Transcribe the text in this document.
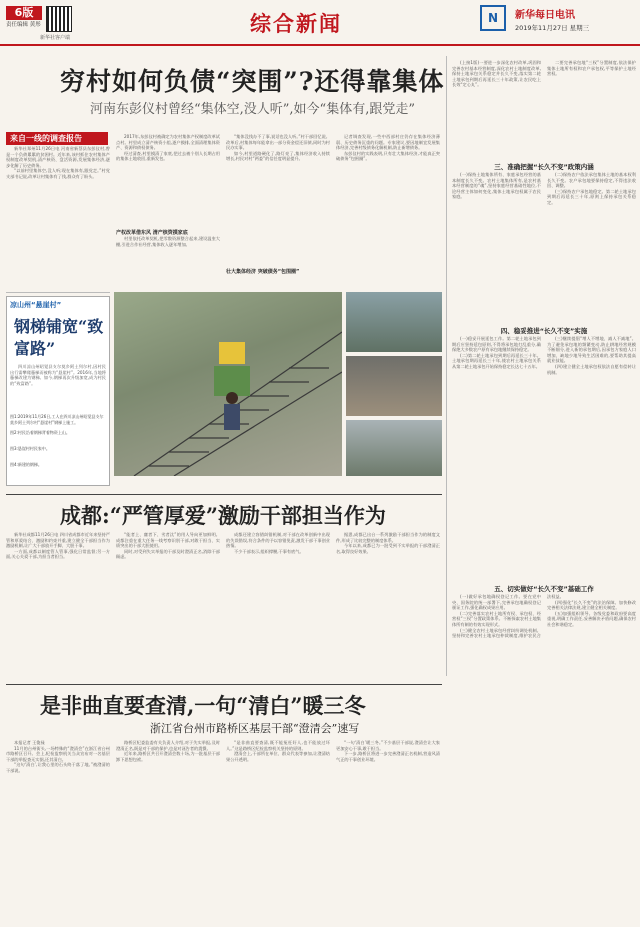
6版
责任编辑 黄彤
新华社客户端
综合新闻	N	新华每日电讯
2019年11月27日 星期三
穷村如何负债“突围”?还得靠集体
河南东彭仪村曾经“集体空,没人听”,如今“集体有,跟党走”
来自一线的调查报告

新华社郑州11月26日电 河南省新蔡县东彭仪村,曾是一个负债累累的贫困村。近年来,该村抓住农村集体产权制度改革契机,清产核资、盘活资源,发展集体经济,逐步化解了历史债务。

“以前村里集体空,没人听;现在集体有,跟党走。”村党支部书记说,改革让村集体有了钱,群众有了盼头。

2017年,东彭仪村被确定为农村集体产权制度改革试点村。村里成立清产核资小组,逐户摸排,全面清理集体资产、资源和债权债务。

经过清查,村里摸清了家底,把过去被个别人长期占用的集体土地收回,重新发包。

产权改革借东风 清产核资摸家底

村里依托改革契机,把零散资源整合起来,建设温室大棚,引进合作社经营,集体收入逐年增加。

“集体没钱办不了事,说话也没人听。”村干部回忆说。改革后,村集体每年能拿出一部分资金偿还旧债,同时为村民办实事。

如今,村里道路硬化了,路灯亮了,集体经济收入持续增长,村民对村“两委”的信任度明显提升。

壮大集体经济 突破债务“包围圈”

记者调查发现,一些中西部村庄仍存在集体经济薄弱、历史债务沉重的问题。专家建议,要因地制宜发展集体经济,完善村级债务化解机制,防止新增债务。

东彭仪村的实践表明,只有壮大集体经济,才能真正突破债务“包围圈”。

凉山州“悬崖村”
钢梯铺宽“致富路”

四川凉山州昭觉县支尔莫乡阿土列尔村,因村民出行需攀爬藤梯而被称为“悬崖村”。2016年,当地将藤梯改建为钢梯。如今,钢梯再次升级加宽,成为村民的“致富路”。

图1:2019年11月26日,工人在四川凉山州昭觉县支尔莫乡阿土列尔村“悬崖村”钢梯上施工。
图2:村民沿着钢梯背着物资上山。
图3:悬崖村村民家中。
图4:新建的钢梯。

(上接1版)一要进一步深化农村改革,巩固和完善农村基本经营制度,深化农村土地制度改革,保持土地承包关系稳定并长久不变,落实第二轮土地承包到期后再延长三十年政策,让农民吃上长效“定心丸”。

二要完善承包地“三权”分置制度,依法保护集体土地所有权和农户承包权,平等保护土地经营权。

三、准确把握“长久不变”政策内涵

(一)保持土地集体所有、家庭承包经营的基本制度长久不变。农村土地集体所有,是农村基本经营制度的“魂”,坚持家庭经营基础性地位,不论经营主体如何变化,集体土地承包权属于农民家庭。

(二)保持农户依法承包集体土地的基本权利长久不变。农户承包地要保持稳定,不得违法收回、调整。

(三)保持农户承包地稳定。第二轮土地承包到期后再延长三十年,原则上保持承包关系稳定。

四、稳妥推进“长久不变”实施

(一)稳妥开展延包工作。第二轮土地承包到期后应坚持延包原则,不得将承包地打乱重分,确保绝大多数农户原有承包地继续保持稳定。

(二)第二轮土地承包到期后再延长三十年。土地承包期再延长三十年,使农村土地承包关系从第二轮土地承包开始保持稳定长达七十五年。

(三)继续提倡“增人不增地、减人不减地”。为了避免承包地的频繁变动,防止耕地经营规模不断细分,进入新的承包期后,因承包方家庭人口增加、缺地少地导致生活困难的,要帮助其提高就业技能。

(四)建立健全土地承包权依法自愿有偿转让机制。

五、切实做好“长久不变”基础工作

(一)做好承包地确权登记工作。要在党中央、国务院的统一部署下,完善承包地确权登记颁证工作,强化确权成果应用。

(二)完善落实农村土地所有权、承包权、经营权“三权”分置政策体系。不断探索农村土地集体所有制的有效实现形式。

(三)健全农村土地承包经营纠纷调处机制。坚持和完善农村土地承包仲裁制度,维护农民合法权益。

(四)强化“长久不变”的法治保障。加快修改完善相关法律法规,建立健全相关制度。

(五)加强组织领导。各级党委和政府要高度重视,明确工作责任,妥善解决矛盾问题,确保农村社会和谐稳定。

成都:“严管厚爱”激励干部担当作为

新华社成都11月26日电 四川省成都市近年来坚持严管和厚爱结合、激励和约束并重,建立健全干部担当作为激励机制,让广大干部放开手脚、大胆干事。

一方面,成都以制度管人管事,强化日常监督;另一方面,关心关爱干部,为担当者担当。

“能者上、庸者下、劣者汰”的用人导向更加鲜明。成都注重在重大任务一线考察识别干部,对敢于担当、实绩突出的干部大胆使用。

同时,对受到失实举报的干部及时澄清正名,消除干部顾虑。

成都还建立容错纠错机制,对干部在改革创新中出现的失误错误,符合条件的予以容错免责,激发干部干事创业热情。

不少干部表示,组织撑腰,干事有底气。

据悉,成都已出台一系列激励干部担当作为的制度文件,形成了比较完整的制度体系。

今年以来,成都已为一批受到不实举报的干部澄清正名,取得良好效果。

是非曲直要查清,一句“清白”暖三冬
浙江省台州市路桥区基层干部“澄清会”速写

本报记者 王俊禄

11月的台州街头,一场特殊的“澄清会”在浙江省台州市路桥区召开。会上,纪检监察机关当众宣布对一名基层干部的举报查无实据,还其清白。

“这句‘清白’,让我心里的石头终于落了地。”被澄清的干部说。

路桥区纪委监委有关负责人介绍,对于失实举报,及时澄清正名,既是对干部的保护,也是对诬告者的震慑。

近年来,路桥区共召开澄清会数十场,为一批基层干部卸下思想包袱。

“是非曲直要查清,既不能冤枉好人,也不能放过坏人。”这是路桥区纪检监察机关坚持的原则。

澄清会上,干部所在单位、群众代表等参加,让澄清结果公开透明。

“一句‘清白’暖三冬。”不少基层干部说,澄清会让大家更加安心干事,敢于担当。

下一步,路桥区将进一步完善澄清正名机制,营造风清气正的干事创业环境。
